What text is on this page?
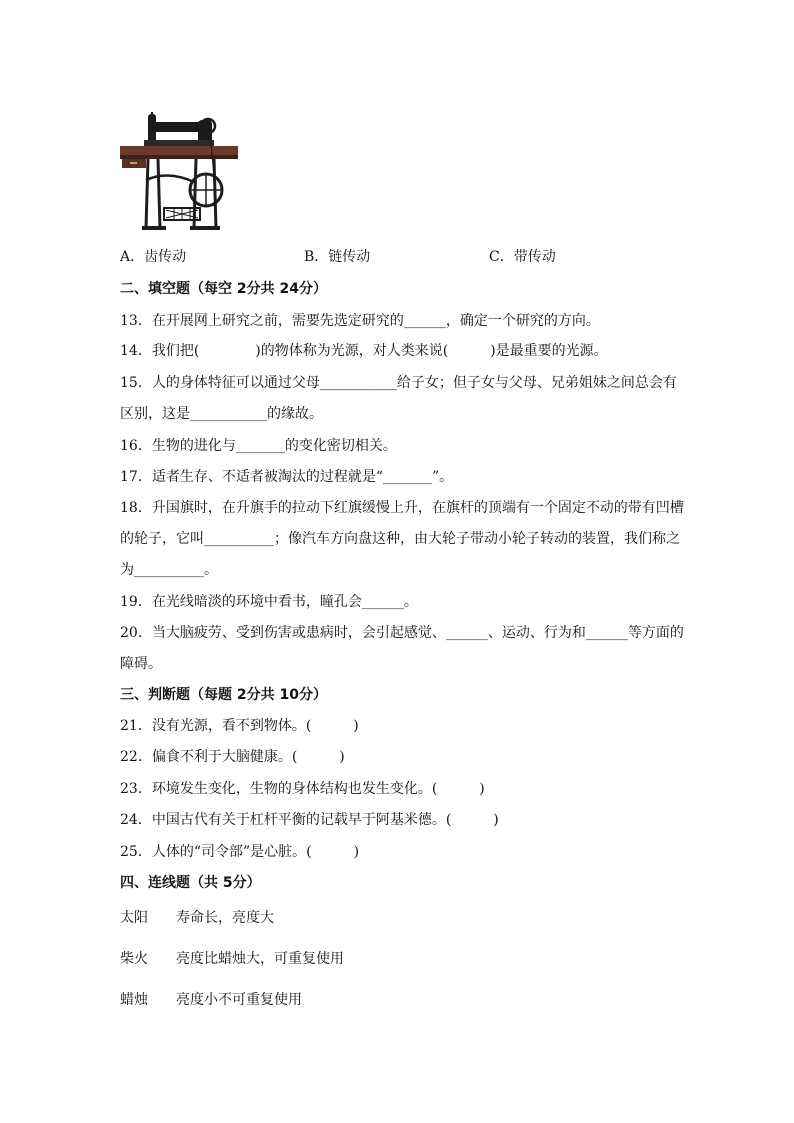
A．齿传动	B．链传动	C．带传动
二、填空题（每空 2分共 24分）
13．在开展网上研究之前，需要先选定研究的______，确定一个研究的方向。
14．我们把(　　　　)的物体称为光源，对人类来说(　　　)是最重要的光源。
15．人的身体特征可以通过父母___________给子女；但子女与父母、兄弟姐妹之间总会有
区别，这是___________的缘故。
16．生物的进化与_______的变化密切相关。
17．适者生存、不适者被淘汰的过程就是“_______”。
18．升国旗时，在升旗手的拉动下红旗缓慢上升，在旗杆的顶端有一个固定不动的带有凹槽
的轮子，它叫__________；像汽车方向盘这种，由大轮子带动小轮子转动的装置，我们称之
为__________。
19．在光线暗淡的环境中看书，瞳孔会______。
20．当大脑疲劳、受到伤害或患病时，会引起感觉、______、运动、行为和______等方面的
障碍。
三、判断题（每题 2分共 10分）
21．没有光源，看不到物体。(　　　)
22．偏食不利于大脑健康。(　　　)
23．环境发生变化，生物的身体结构也发生变化。(　　　)
24．中国古代有关于杠杆平衡的记载早于阿基米德。(　　　)
25．人体的“司令部”是心脏。(　　　)
四、连线题（共 5分）
太阳 寿命长，亮度大
柴火 亮度比蜡烛大，可重复使用
蜡烛 亮度小不可重复使用
